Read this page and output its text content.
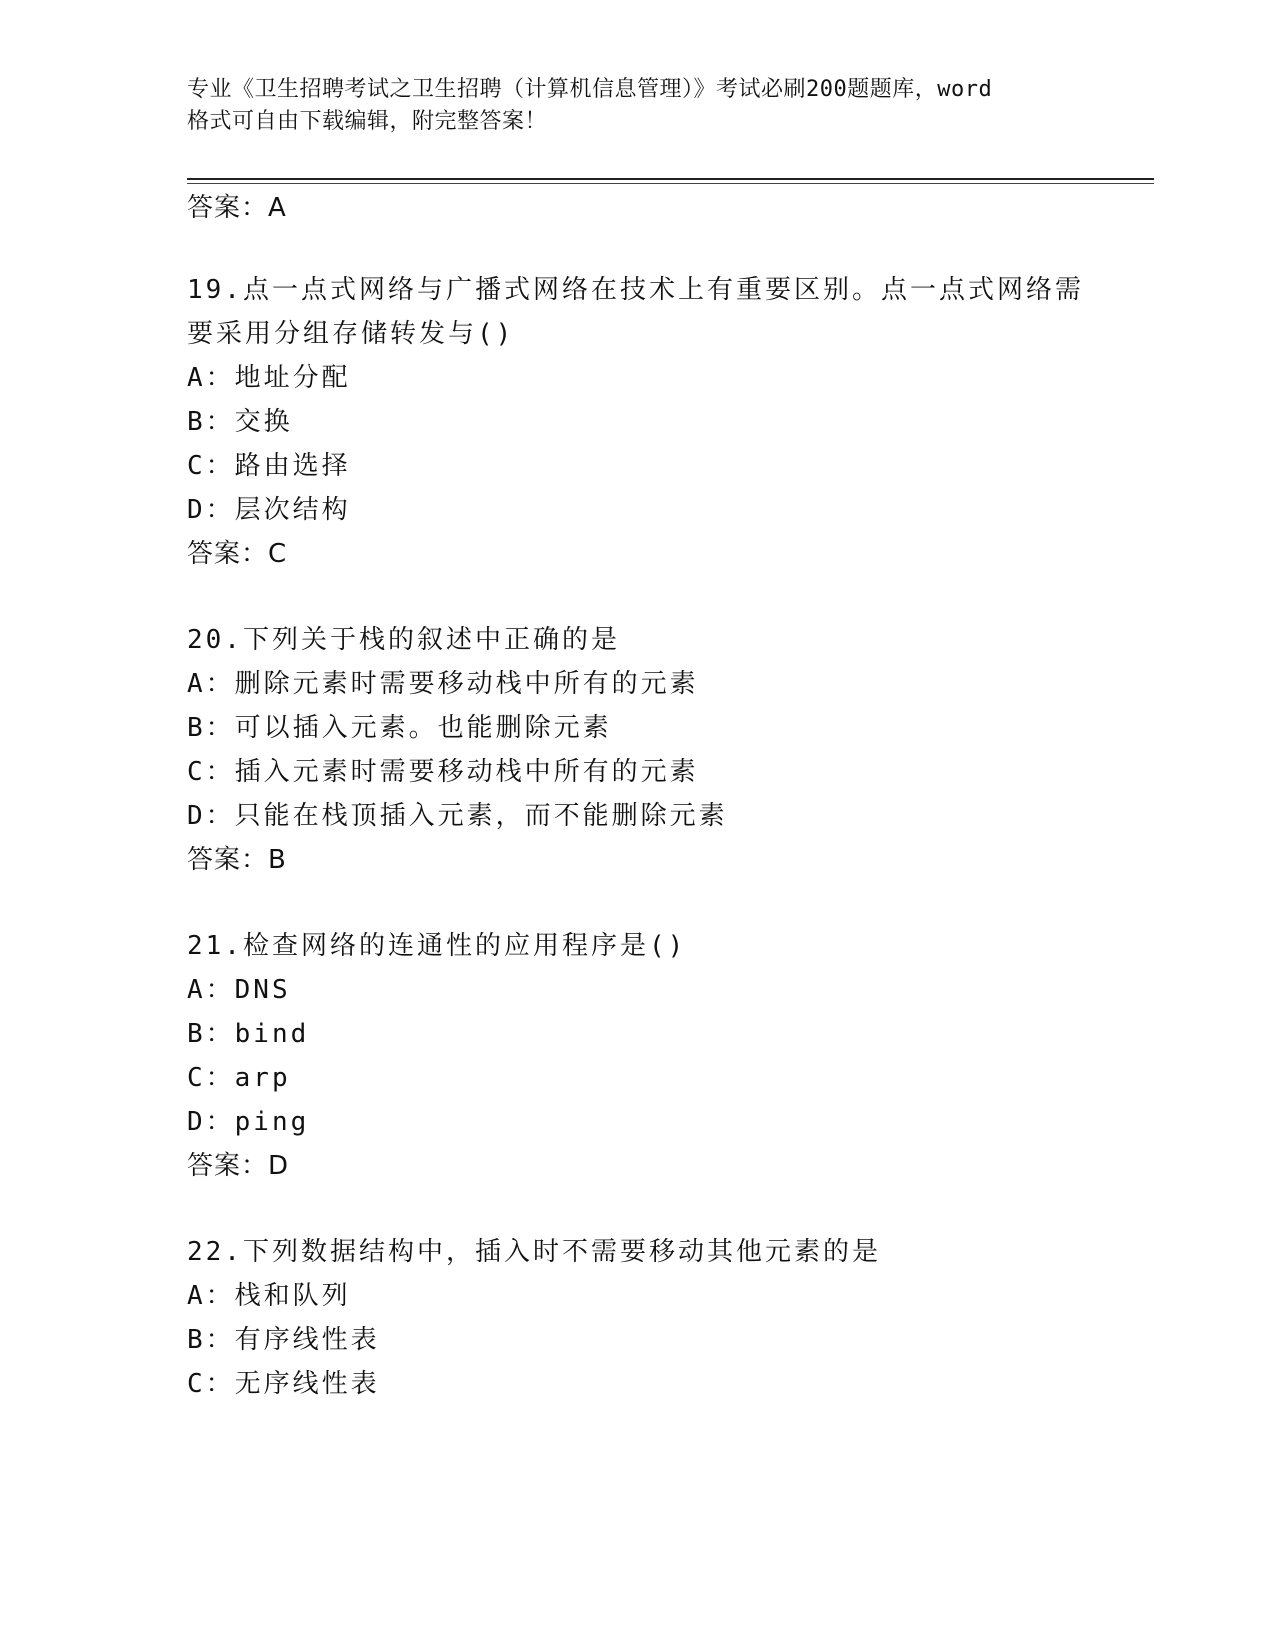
专业《卫生招聘考试之卫生招聘（计算机信息管理）》考试必刷200题题库，word
格式可自由下载编辑，附完整答案！
答案：A
19.点一点式网络与广播式网络在技术上有重要区别。点一点式网络需
要采用分组存储转发与()
A：地址分配
B：交换
C：路由选择
D：层次结构
答案：C
20.下列关于栈的叙述中正确的是
A：删除元素时需要移动栈中所有的元素
B：可以插入元素。也能删除元素
C：插入元素时需要移动栈中所有的元素
D：只能在栈顶插入元素，而不能删除元素
答案：B
21.检查网络的连通性的应用程序是()
A：DNS
B：bind
C：arp
D：ping
答案：D
22.下列数据结构中，插入时不需要移动其他元素的是
A：栈和队列
B：有序线性表
C：无序线性表
